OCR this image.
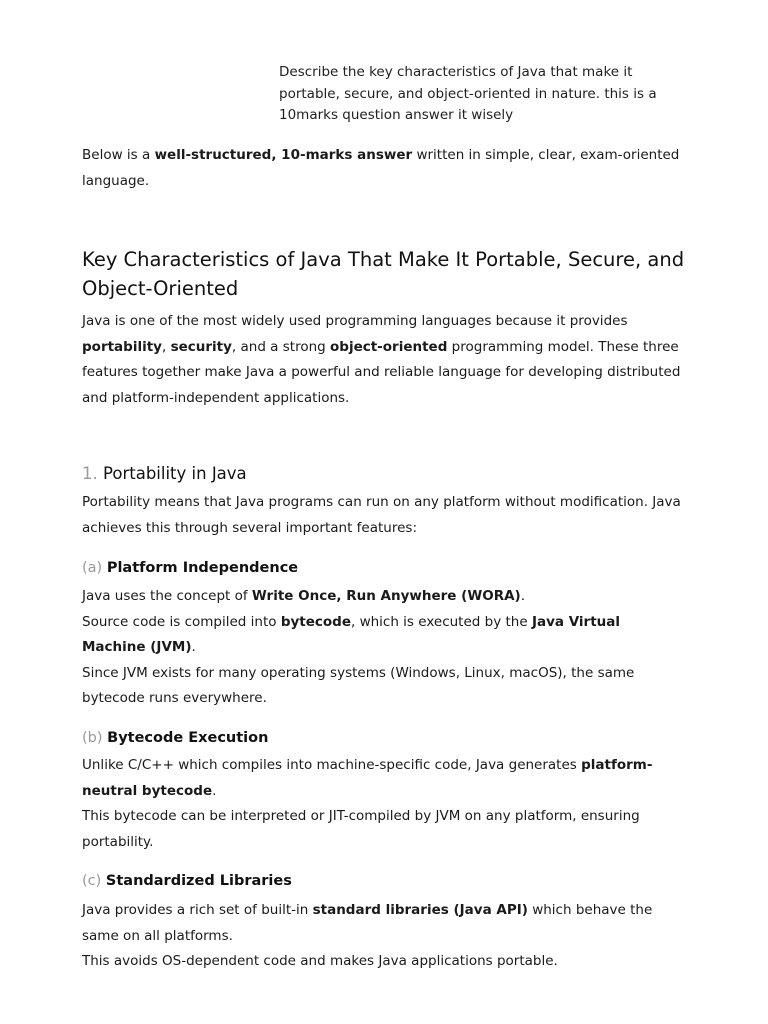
Describe the key characteristics of Java that make it portable, secure, and object-oriented in nature. this is a 10marks question answer it wisely
Below is a well-structured, 10-marks answer written in simple, clear, exam-oriented language.
Key Characteristics of Java That Make It Portable, Secure, and Object-Oriented

Java is one of the most widely used programming languages because it provides portability, security, and a strong object-oriented programming model. These three features together make Java a powerful and reliable language for developing distributed and platform-independent applications.

1. Portability in Java

Portability means that Java programs can run on any platform without modification. Java achieves this through several important features:

(a) Platform Independence

Java uses the concept of Write Once, Run Anywhere (WORA).

Source code is compiled into bytecode, which is executed by the Java Virtual Machine (JVM).

Since JVM exists for many operating systems (Windows, Linux, macOS), the same bytecode runs everywhere.

(b) Bytecode Execution

Unlike C/C++ which compiles into machine-specific code, Java generates platform-neutral bytecode.

This bytecode can be interpreted or JIT-compiled by JVM on any platform, ensuring portability.

(c) Standardized Libraries

Java provides a rich set of built-in standard libraries (Java API) which behave the same on all platforms.

This avoids OS-dependent code and makes Java applications portable.
